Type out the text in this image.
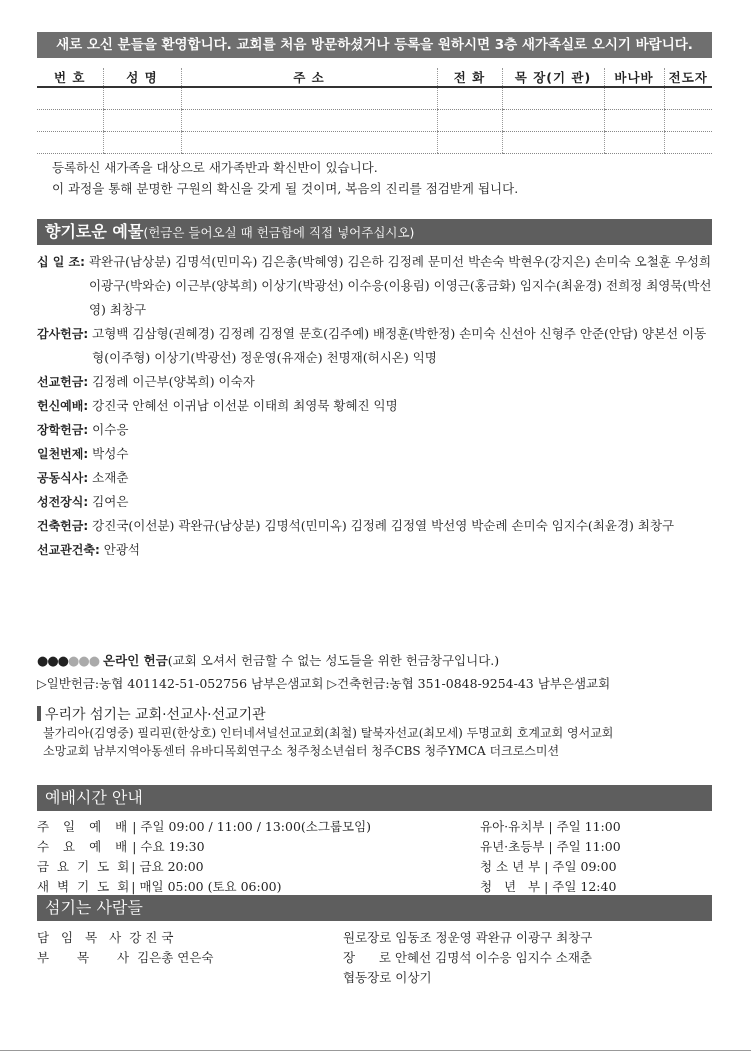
새로 오신 분들을 환영합니다. 교회를 처음 방문하셨거나 등록을 원하시면 3층 새가족실로 오시기 바랍니다.
번 호	성 명	주 소	전 화	목 장(기 관)	바나바	전도자

등록하신 새가족을 대상으로 새가족반과 확신반이 있습니다.
이 과정을 통해 분명한 구원의 확신을 갖게 될 것이며, 복음의 진리를 점검받게 됩니다.
향기로운 예물(헌금은 들어오실 때 헌금함에 직접 넣어주십시오)
십 일 조: 곽완규(남상분) 김명석(민미옥) 김은총(박혜영) 김은하 김정례 문미선 박손숙 박현우(강지은) 손미숙 오철훈 우성희 이광구(박와순) 이근부(양복희) 이상기(박광선) 이수응(이용림) 이영근(홍금화) 임지수(최윤경) 전희정 최영묵(박선영) 최창구
감사헌금: 고형백 김삼형(권혜경) 김정례 김정열 문호(김주예) 배정훈(박한정) 손미숙 신선아 신형주 안준(안담) 양본선 이동형(이주형) 이상기(박광선) 정운영(유재순) 천명재(허시온) 익명
선교헌금: 김정례 이근부(양복희) 이숙자
헌신예배: 강진국 안혜선 이귀남 이선분 이태희 최영묵 황혜진 익명
장학헌금: 이수응
일천번제: 박성수
공동식사: 소재춘
성전장식: 김여은
건축헌금: 강진국(이선분) 곽완규(남상분) 김명석(민미옥) 김정례 김정열 박선영 박순례 손미숙 임지수(최윤경) 최창구
선교관건축: 안광석
●●●●●● 온라인 헌금(교회 오셔서 헌금할 수 없는 성도들을 위한 헌금창구입니다.)
▷일반헌금:농협 401142-51-052756 남부은샘교회 ▷건축헌금:농협 351-0848-9254-43 남부은샘교회
우리가 섬기는 교회·선교사·선교기관
불가리아(김영중) 필리핀(한상호) 인터네셔널선교교회(최철) 탈북자선교(최모세) 두명교회 호계교회 영서교회
소망교회 남부지역아동센터 유바디목회연구소 청주청소년쉼터 청주CBS 청주YMCA 더크로스미션
예배시간 안내
주 일 예 배| 주일 09:00 / 11:00 / 13:00(소그룹모임)
수 요 예 배| 수요 19:30
금 요 기 도 회| 금요 20:00
새 벽 기 도 회| 매일 05:00 (토요 06:00)
유아·유치부 | 주일 11:00
유년·초등부 | 주일 11:00
청 소 년 부 | 주일 09:00
청   년   부 | 주일 12:40
섬기는 사람들
담 임 목 사 강 진 국
부   목   사 김은총 연은숙
원로장로 임동조 정운영 곽완규 이광구 최창구
장      로 안혜선 김명석 이수응 임지수 소재춘
협동장로 이상기
